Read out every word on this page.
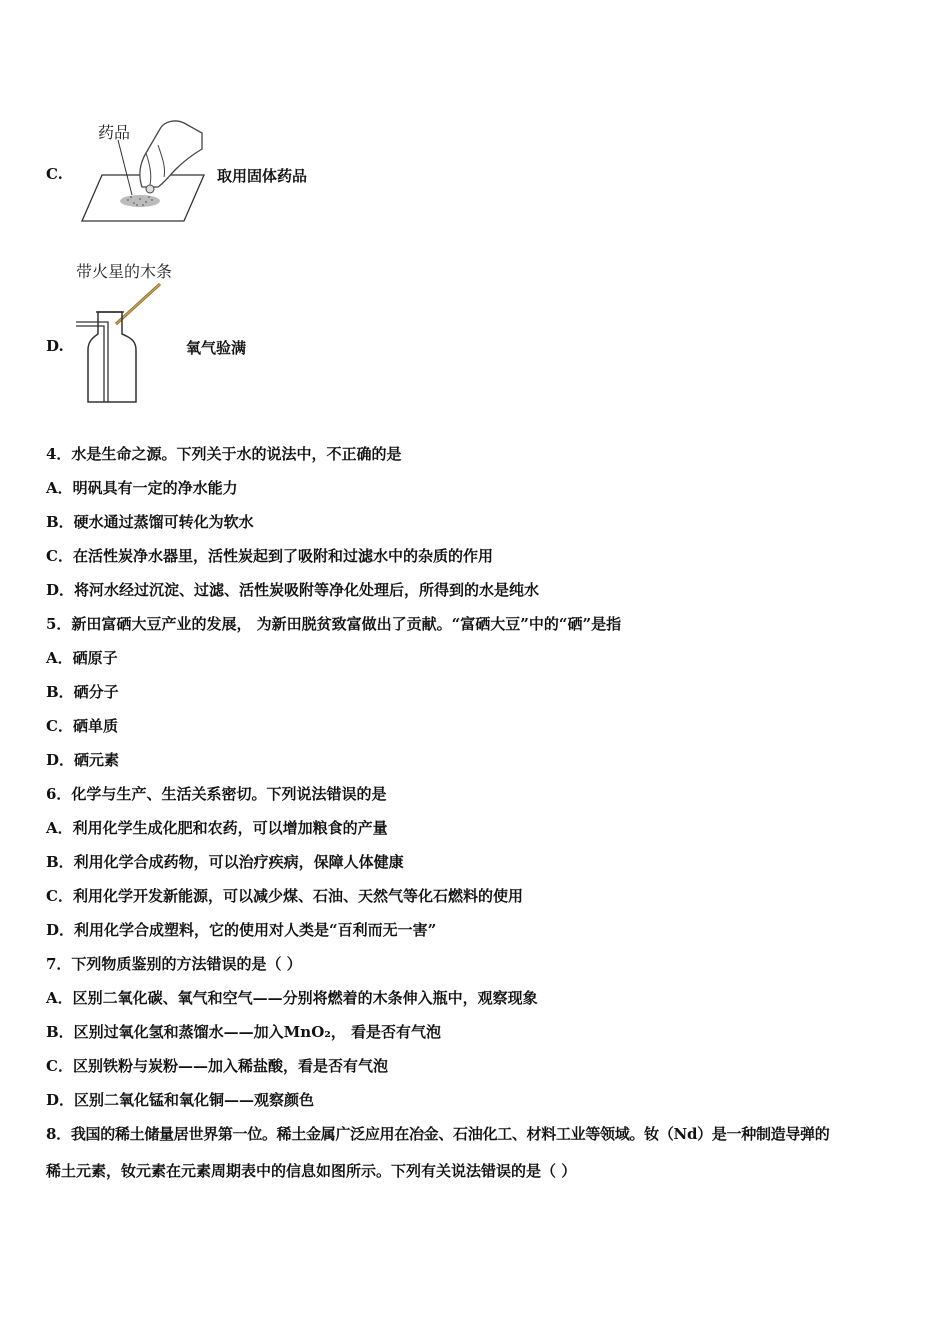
C.
药品
取用固体药品
带火星的木条
D.	氧气验满
4．水是生命之源。下列关于水的说法中，不正确的是
A．明矾具有一定的净水能力
B．硬水通过蒸馏可转化为软水
C．在活性炭净水器里，活性炭起到了吸附和过滤水中的杂质的作用
D．将河水经过沉淀、过滤、活性炭吸附等净化处理后，所得到的水是纯水
5．新田富硒大豆产业的发展， 为新田脱贫致富做出了贡献。“富硒大豆”中的“硒”是指
A．硒原子
B．硒分子
C．硒单质
D．硒元素
6．化学与生产、生活关系密切。下列说法错误的是
A．利用化学生成化肥和农药，可以增加粮食的产量
B．利用化学合成药物，可以治疗疾病，保障人体健康
C．利用化学开发新能源，可以减少煤、石油、天然气等化石燃料的使用
D．利用化学合成塑料，它的使用对人类是“百利而无一害”
7．下列物质鉴别的方法错误的是（ ）
A．区别二氧化碳、氧气和空气——分别将燃着的木条伸入瓶中，观察现象
B．区别过氧化氢和蒸馏水——加入MnO₂， 看是否有气泡
C．区别铁粉与炭粉——加入稀盐酸，看是否有气泡
D．区别二氧化锰和氧化铜——观察颜色
8．我国的稀土储量居世界第一位。稀土金属广泛应用在冶金、石油化工、材料工业等领域。钕（Nd）是一种制造导弹的
稀土元素，钕元素在元素周期表中的信息如图所示。下列有关说法错误的是（ ）
